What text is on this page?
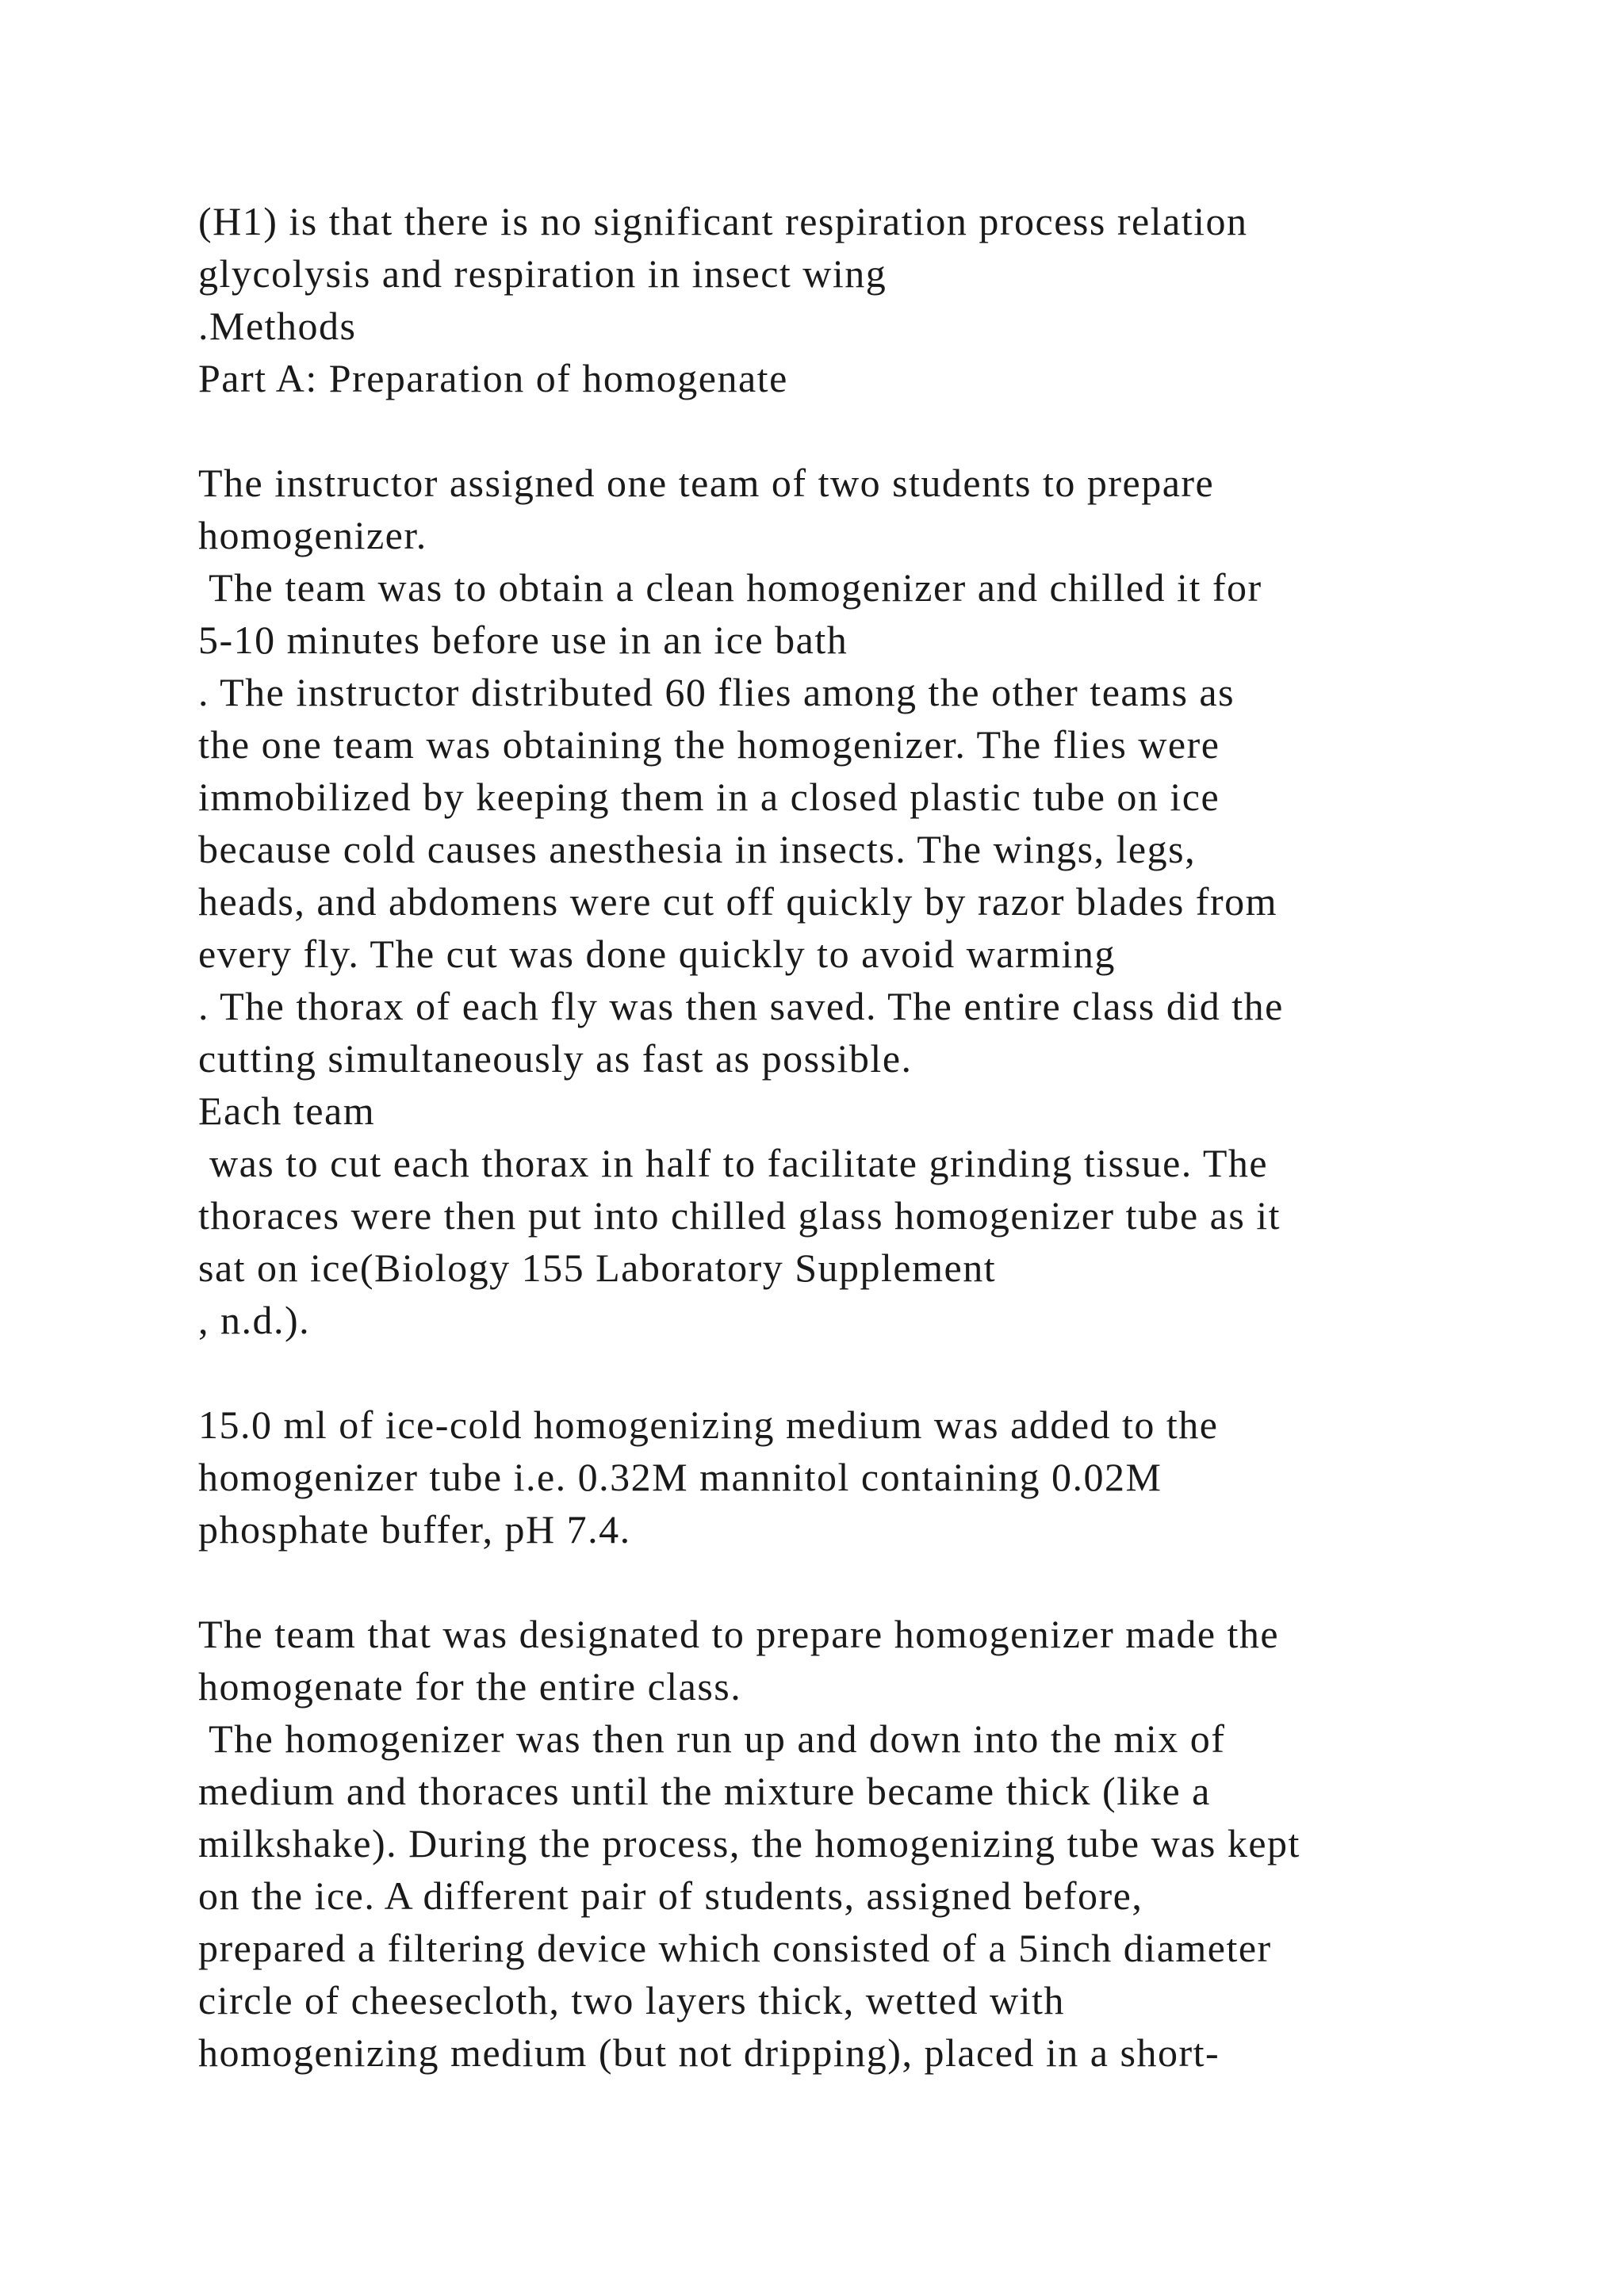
(H1) is that there is no significant respiration process relation
glycolysis and respiration in insect wing
.Methods
Part A: Preparation of homogenate
The instructor assigned one team of two students to prepare
homogenizer.
The team was to obtain a clean homogenizer and chilled it for
5-10 minutes before use in an ice bath
. The instructor distributed 60 flies among the other teams as
the one team was obtaining the homogenizer. The flies were
immobilized by keeping them in a closed plastic tube on ice
because cold causes anesthesia in insects. The wings, legs,
heads, and abdomens were cut off quickly by razor blades from
every fly. The cut was done quickly to avoid warming
. The thorax of each fly was then saved. The entire class did the
cutting simultaneously as fast as possible.
Each team
was to cut each thorax in half to facilitate grinding tissue. The
thoraces were then put into chilled glass homogenizer tube as it
sat on ice(Biology 155 Laboratory Supplement
, n.d.).
15.0 ml of ice-cold homogenizing medium was added to the
homogenizer tube i.e. 0.32M mannitol containing 0.02M
phosphate buffer, pH 7.4.
The team that was designated to prepare homogenizer made the
homogenate for the entire class.
The homogenizer was then run up and down into the mix of
medium and thoraces until the mixture became thick (like a
milkshake). During the process, the homogenizing tube was kept
on the ice. A different pair of students, assigned before,
prepared a filtering device which consisted of a 5inch diameter
circle of cheesecloth, two layers thick, wetted with
homogenizing medium (but not dripping), placed in a short-
